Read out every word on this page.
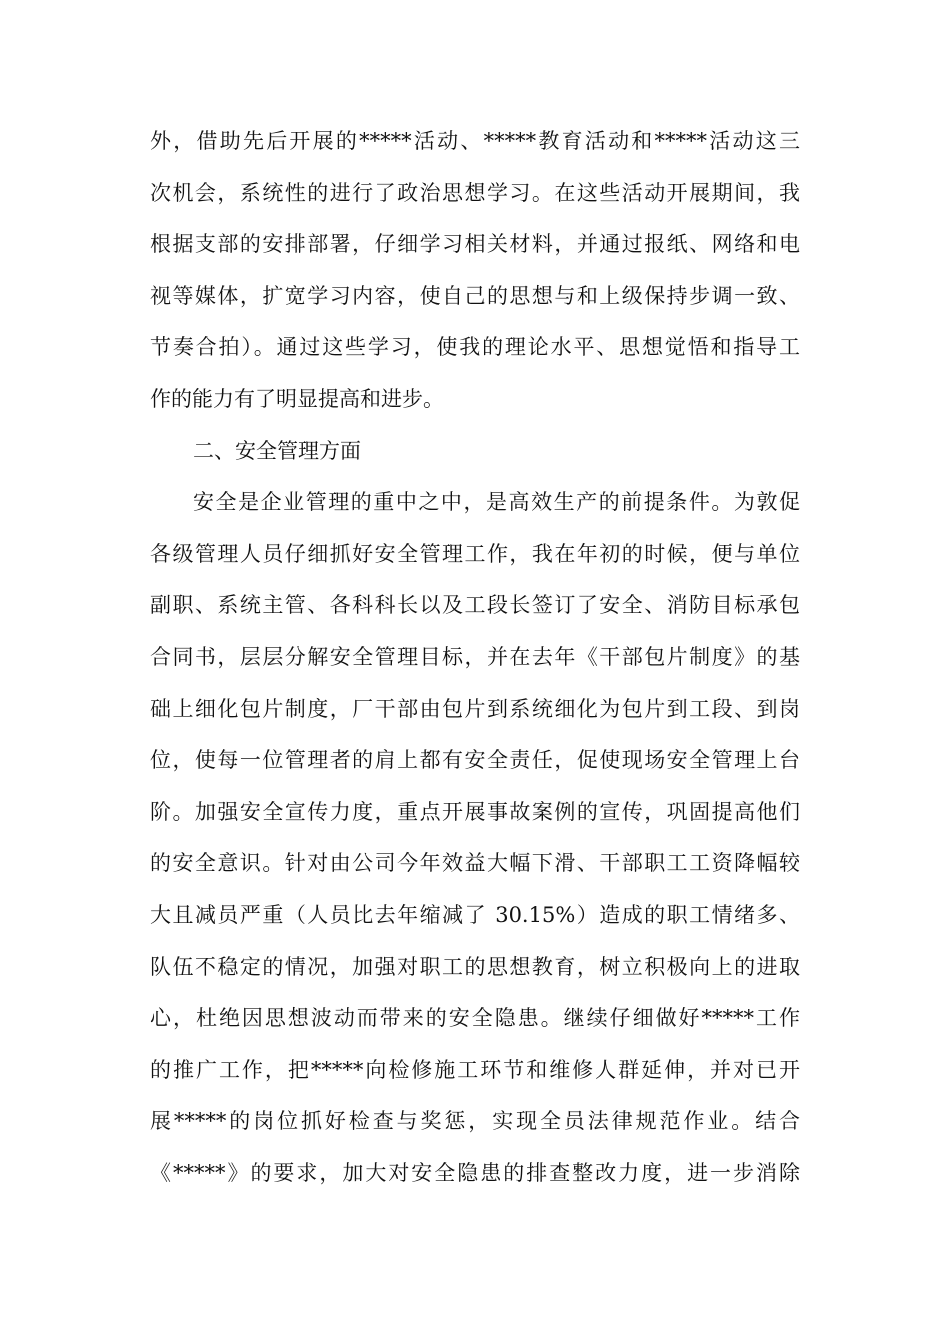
外，借助先后开展的*****活动、*****教育活动和*****活动这三
次机会，系统性的进行了政治思想学习。在这些活动开展期间，我
根据支部的安排部署，仔细学习相关材料，并通过报纸、网络和电
视等媒体，扩宽学习内容，使自己的思想与和上级保持步调一致、
节奏合拍）。通过这些学习，使我的理论水平、思想觉悟和指导工
作的能力有了明显提高和进步。
二、安全管理方面
安全是企业管理的重中之中，是高效生产的前提条件。为敦促
各级管理人员仔细抓好安全管理工作，我在年初的时候，便与单位
副职、系统主管、各科科长以及工段长签订了安全、消防目标承包
合同书，层层分解安全管理目标，并在去年《干部包片制度》的基
础上细化包片制度，厂干部由包片到系统细化为包片到工段、到岗
位，使每一位管理者的肩上都有安全责任，促使现场安全管理上台
阶。加强安全宣传力度，重点开展事故案例的宣传，巩固提高他们
的安全意识。针对由公司今年效益大幅下滑、干部职工工资降幅较
大且减员严重（人员比去年缩减了 30.15%）造成的职工情绪多、
队伍不稳定的情况，加强对职工的思想教育，树立积极向上的进取
心，杜绝因思想波动而带来的安全隐患。继续仔细做好*****工作
的推广工作，把*****向检修施工环节和维修人群延伸，并对已开
展*****的岗位抓好检查与奖惩，实现全员法律规范作业。结合
《*****》的要求，加大对安全隐患的排查整改力度，进一步消除
